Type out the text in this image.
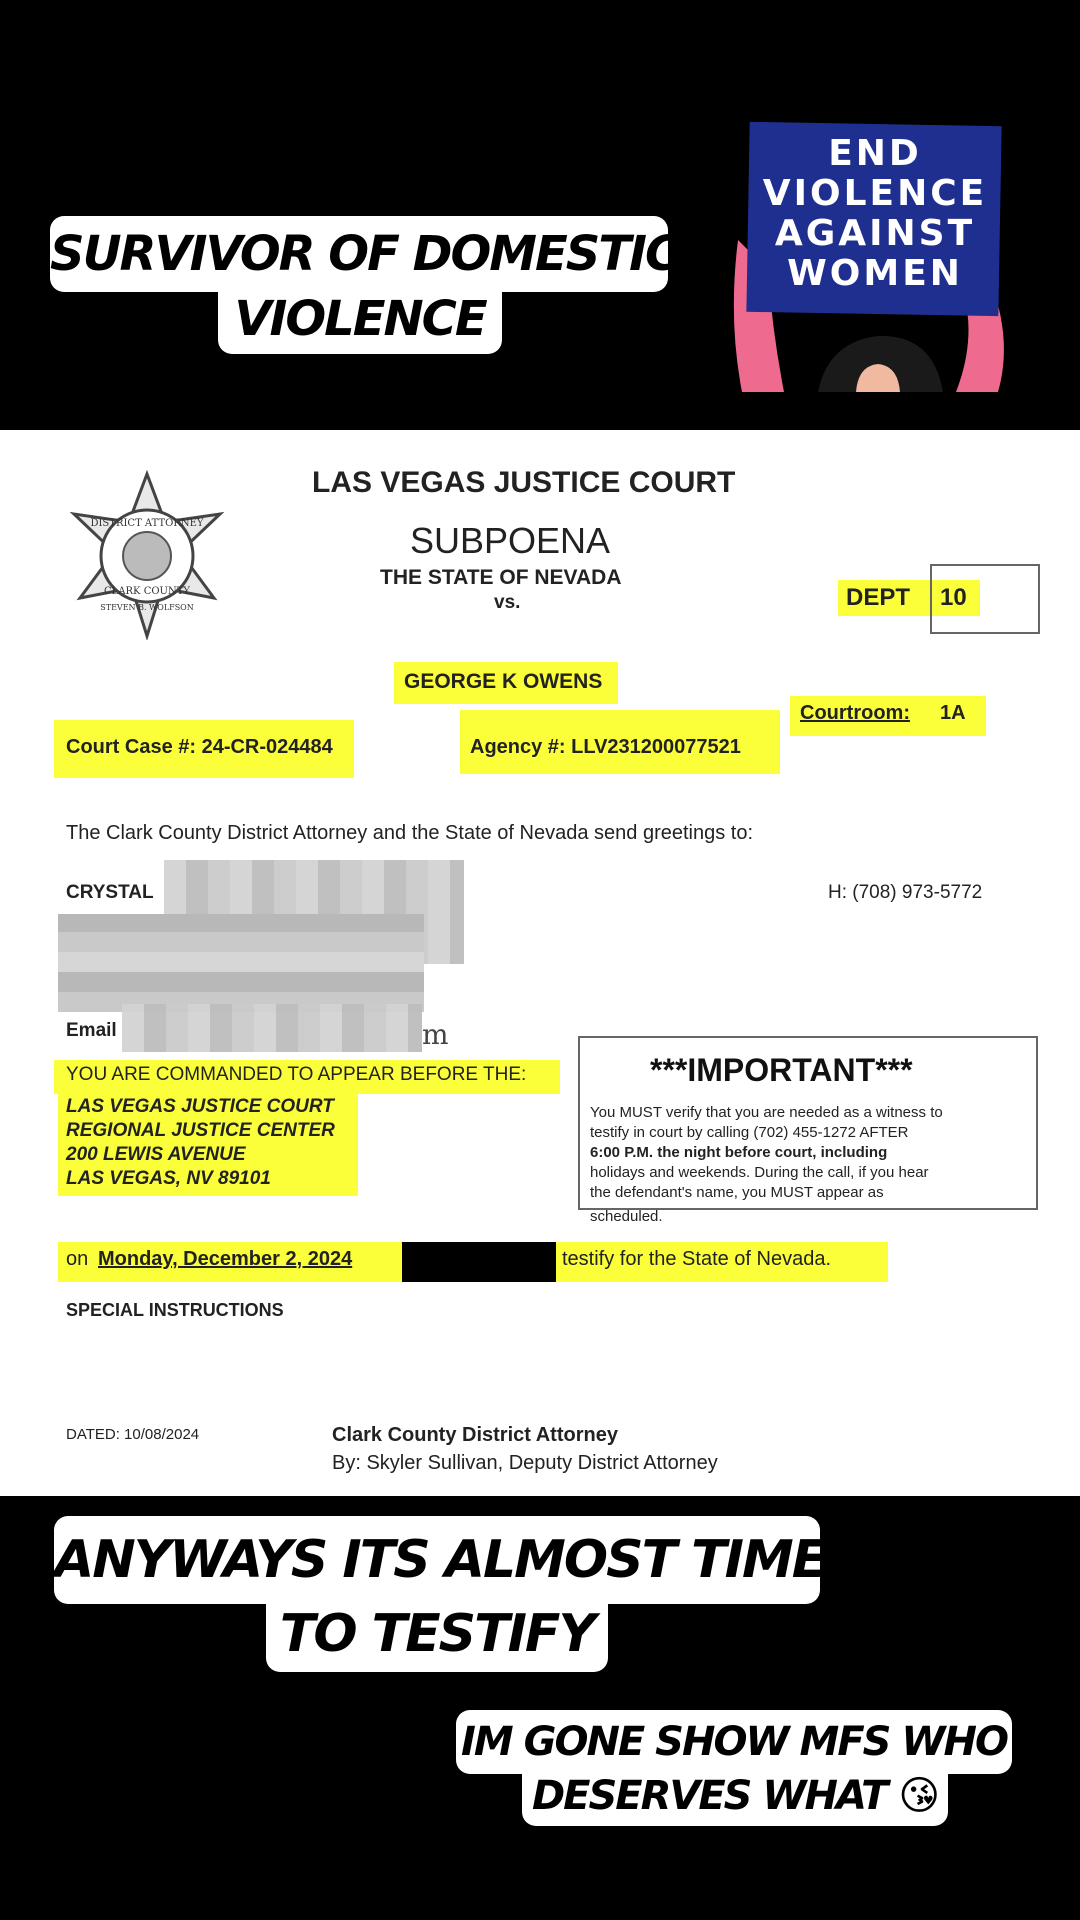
SURVIVOR OF DOMESTIC
VIOLENCE
END
VIOLENCE
AGAINST
WOMEN
DISTRICT ATTORNEY
CLARK COUNTY
STEVEN B. WOLFSON
LAS VEGAS JUSTICE COURT
SUBPOENA
THE STATE OF NEVADA
vs.	DEPT 10
GEORGE K OWENS
Courtroom: 1A
Court Case #: 24-CR-024484	Agency #: LLV231200077521
The Clark County District Attorney and the State of Nevada send greetings to:
CRYSTAL	H: (708) 973-5772
Email	m
YOU ARE COMMANDED TO APPEAR BEFORE THE:
LAS VEGAS JUSTICE COURT
REGIONAL JUSTICE CENTER
200 LEWIS AVENUE
LAS VEGAS, NV 89101
***IMPORTANT***
You MUST verify that you are needed as a witness to
testify in court by calling (702) 455-1272 AFTER
6:00 P.M. the night before court, including
holidays and weekends. During the call, if you hear
the defendant's name, you MUST appear as
scheduled.
on Monday, December 2, 2024	testify for the State of Nevada.
SPECIAL INSTRUCTIONS
DATED: 10/08/2024	Clark County District Attorney
By: Skyler Sullivan, Deputy District Attorney
ANYWAYS ITS ALMOST TIME
TO TESTIFY
IM GONE SHOW MFS WHO
DESERVES WHAT 😘
